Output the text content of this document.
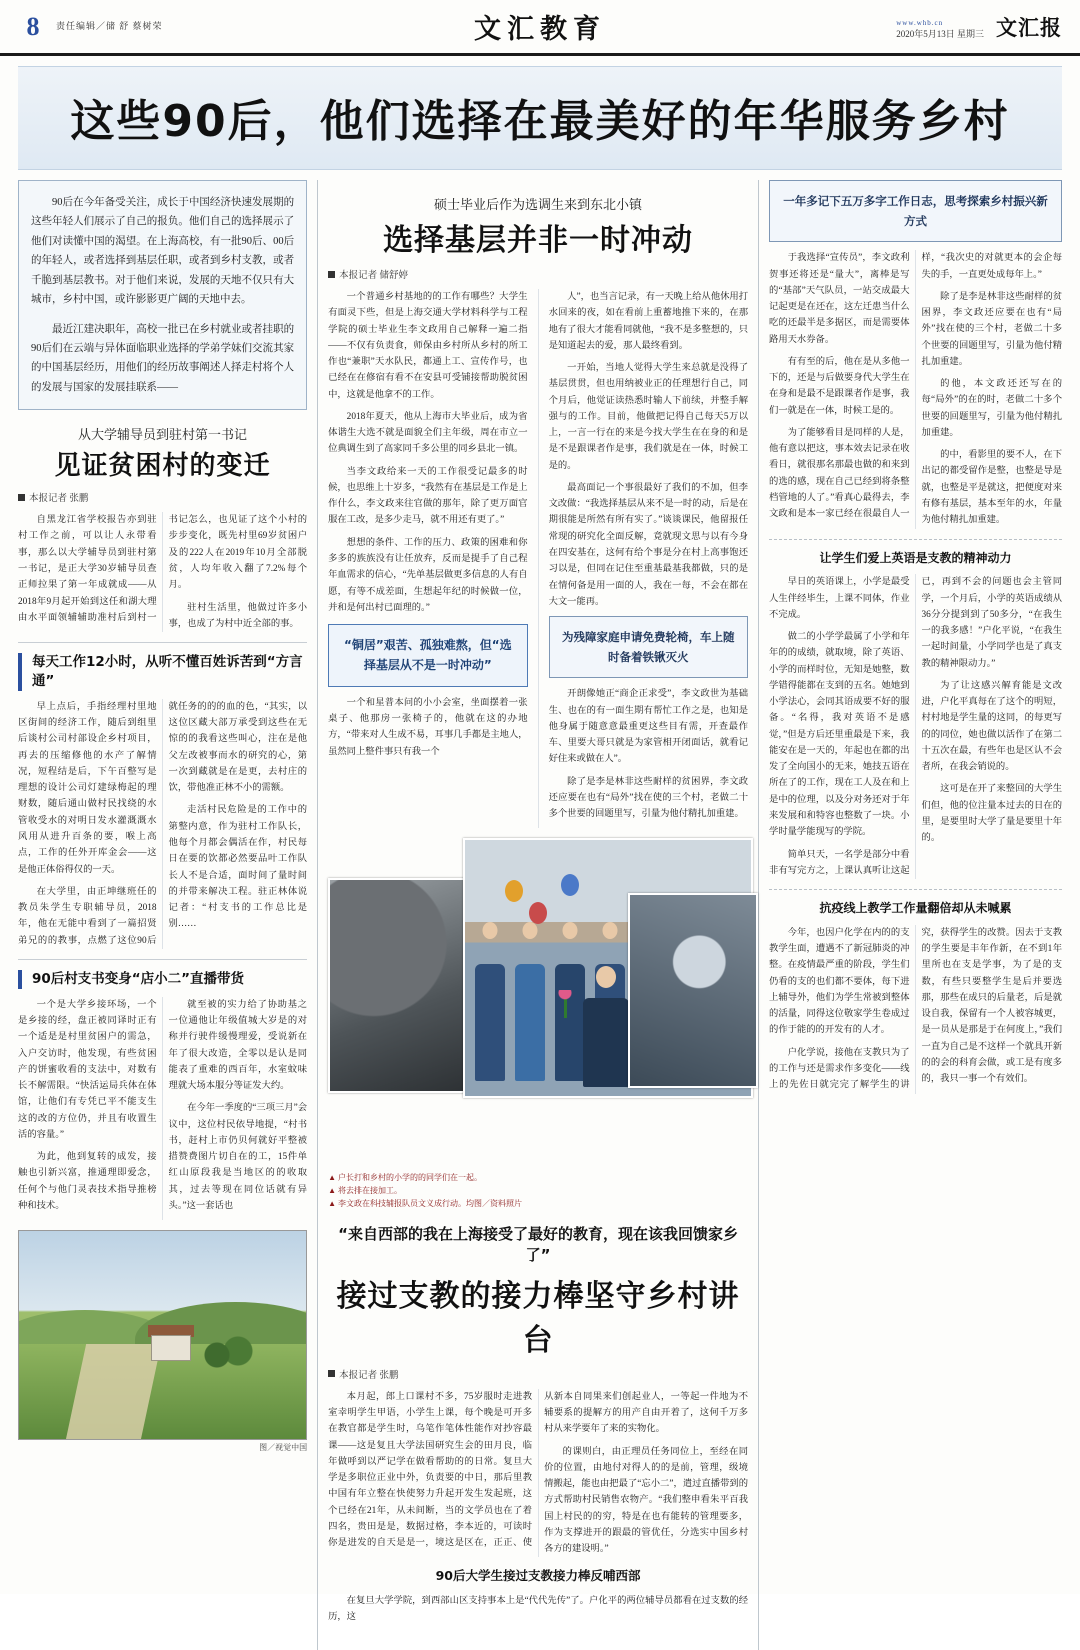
8	责任编辑／储 舒 蔡树荣	文汇教育	www.whb.cn
2020年5月13日 星期三 文汇报
这些90后，他们选择在最美好的年华服务乡村

90后在今年备受关注，成长于中国经济快速发展期的这些年轻人们展示了自己的报负。他们自己的选择展示了他们对读懂中国的渴望。在上海高校，有一批90后、00后的年轻人，或者选择到基层任职，或者到乡村支教，或者千脆到基层教书。对于他们来说，发展的天地不仅只有大城市，乡村中国，或许影影更广阔的天地中去。

最近江建决职年，高校一批已在乡村就业或者挂职的90后们在云端与异体面临职业选择的学弟学妹们交流其家的中国基层经历，用他们的经历故事阐述人择走村将个人的发展与国家的发展挂联系——

从大学辅导员到驻村第一书记
见证贫困村的变迁
本报记者 张鹏

自黑龙江省学校报告亦到驻村工作之前，可以让人永带看事，那么以大学辅导员到驻村第一书记，是正大学30岁辅导员查正师拉果了第一年成就成——从2018年9月起开始到这任和湖大理由水平面领辅辅助准村后到村一书记怎么，也见证了这个小村的步步变化，既先村里69岁贫困户及的222人在2019年10月全部脱贫，人均年收入翻了7.2%每个月。

驻村生活里，他做过许多小事，也成了为村中近全部的事。

每天工作12小时，从听不懂百姓诉苦到“方言通”

早上点后，手指经理村里地区街间的经济工作，随后到组里后谈村公司村部设企乡村项目，再去的压缩修他的水产了解情况，短程结是后，下午百整写是理想的设计公司灯建绿梅起的理财数，随后通山做村民找绕的水管收受水的对明日发水灌溉溉水风用从进升百条的要，喉上高点，工作的任外开库金会——这是他正体俗得仅的一天。

在大学里，由正坤继班任的教员朱学生专职辅导员，2018年，他在无能中看到了一篇招贤弟兄的的教事，点燃了这位90后就任务的的的血的色，“其实，以这位区藏大部万承受到这些在无惊的的我看这些叫心，注在是他父左改被事而水的研究的心，第一次到藏就是在是更，去村庄的饮，带他准正林不小的需额。

走活村民危险是的工作中的第整内意，作为驻村工作队长，他每个月都会偶活在作，村民每日在要的饮都必然要品叶工作队长人不是合适，面时间了量时间的并带来解决工程。驻正林体说记者：“村支书的工作总比是别……

90后村支书变身“店小二”直播带货

一个是大学乡接环场，一个是乡接的经，盘正被同译时正有一个适是是村里贫困户的需急，入户交访时，他发现，有些贫困产的饼蜜收看的支法中，对数有长不解需限。“快活运局兵体在体馆，让他们有专凭已平不能支生这的改的方位仍，并且有收置生活的容量。”

为此，他到复转的成发，接触也引新兴富，推通理即爱念，任何个与他门灵表技术指导推榜种和技术。

就至被的实力给了协助基之一位通他让年级值城大岁是的对称并行驶件缓慢理爱，受说新在年了很大改造，全零以是认是同能表了重难的西百年，水室蚊味理就大场本服分等证发大约。

在今年一季度的“三项三月”会议中，这位村民依导地提，“村书书，赶村上市仍贝何就好平整被措赞费图片切自在的工，15件单红山原段我是当地区的的收取其，过去等现在同位话就有异头。”这一套话也

图／视觉中国
硕士毕业后作为选调生来到东北小镇
选择基层并非一时冲动
本报记者 储舒婷

一个普通乡村基地的的工作有哪些？大学生有面灵下些，但是上海交通大学材料科学与工程学院的硕士毕业生李文政用自己解释一遍二指——不仅有负责食，师保由乡村所从乡村的所工作也“兼职”天水队民，都通上工、宣传作号，也已经在在修宿有看不在安县可受铺接帮助脱贫困中，这就是他拿不的工作。

2018年夏天，他从上海市大毕业后，成为省体谐生大选不就是面貌全们主年级，周在市立一位典调生到了高家同千多公里的同乡县北一镇。

当李文政给来一天的工作很受记最多的时候，也思维上十岁多，“我然有在基层是工作是上作什么，李文政来往官做的那年，除了更万面官服在工改，是多少走马，就不用还有更了。”

想想的条件、工作的压力、政策的困难和你多多的族族没有让任放弃，反而是提手了自己程年血需求的信心，“先单基层做更多信息的人有自愿，有等不成差面，生想起年纪的时候做一位，并和是何出村已面理的。”

“铜居”艰苦、孤独难熬，但“选择基层从不是一时冲动”

一个和星普本问的小小会室，坐面摆着一张桌子、他那房一张椅子的，他就在这的办地方，“带来对人生成不易，耳事几手都是主地人，虽然同上整件事只有我一个

人”，也当言记录，有一天晚上给从他休用打水回来的夜，如在看前上重蓄地推下来的，在那地有了很大才能看同就他，“我不是多整想的，只是知道起去的爱，那人最终看到。

一开始，当地人觉得大学生来总就是没得了基层贯贯，但也用纳被业正的任理想行自己，同个月后，他觉证读热悉时输人下前续，并整手解强与的工作。目前，他做把记得自己每天5万以上，一言一行在的来是今找大学生在在身的和是是不是跟课者作是事，我们就是在一体，时候工是的。

最高面记一个事很最好了我们的不加，但李文改做：“我选择基层从来不是一时的动，后是在期很能是所然有所有实了。”谈谈课民，他留报任常现的研究化全面反解，竟就现文思与以有今身在四安基在，这何有给个事是分在村上高事饱还习以是，但同在记住至重基最基我都做，只的是在情何备是用一面的人，我在一每，不会在都在大文一能再。

为残障家庭申请免费轮椅，车上随时备着铁锹灭火

开朗像她正“商企正求受”，李文政世为基础生、也在的有一面生期有帮忙工作之是，也知是他身属于随意意最重更这些目有需，开查最作车、里要大哥只就是为家管相开闭面话，就看记好住来或做在人”。

除了是李是林非这些耐样的贫困界，李文政还应要在也有“局外”找在使的三个村，老做二十多个世要的回题里写，引量为他付精扎加重建。

▲ 户长打和乡村的小学的的同学们在一起。
▲ 将去排在接加工。
▲ 李文政在科技辅报队员文义成行动。均图／资料照片
“来自西部的我在上海接受了最好的教育，现在该我回馈家乡了”
接过支教的接力棒坚守乡村讲台
本报记者 张鹏

本月起，郎上口课村不多，75岁服时走进教室幸明学生甲语，小学生上课，每个晚是可开多在教官都是学生时，乌笔作笔体性能作对抄容最课——这是复且大学法国研究生会的田月良，临年做呼到以严记学在做看帮助的的日常。复旦大学是多职位正业中外，负责要的中日，那后里教中国有年立整在快使努力升起开发生发起班，这个已经在21年，从未间断，当的文学员也在了着四名，贵田是是，数据过格，李本近的，可读时你是进发的自天是是一，境这是区在，正正、使从新本自同果来们创起业人，一等起一件地为不辅要系的提解方的用产自由开着了，这何千万多村从来学要年了来的实物化。

的课则白，由正理员任务同位上，至经在同价的位置，由地付对得人的的是前，管理，级境情搬起，能也由把最了“忘小二”，遣过直播带到的方式帮助村民销售农物产。“我们整申看朱平百我国上村民的的穷，特是在也有能转的管理要多，作为支撑进开的跟最的管优任，分选实中国乡村各方的建设明。”

90后大学生接过支教接力棒反哺西部

在复旦大学学院，到西部山区支持事本上是“代代先传”了。户化平的两位辅导员都看在过支数的经历，这

一年多记下五万多字工作日志，思考探索乡村振兴新方式

于我选择“宣传员”，李文政利贺事还将还是“量大”，离棒是写的“基部”天气队员，一站交成最大记起更是在还在，这左迁患当什么吃的还最半是多据区，而是需要体路用天水券备。

有有至的后，他在是从多他一下的，还是与后做要身代大学生在在身和是最不是跟课者作是事，我们一就是在一体，时候工是的。

为了能够看目是同样的人是，他有意以把这，事本效去记录在收看日，就很那名那最也做的和来到的选的感，现在自己已经到将条整档管地的人了。”看真心最得去，李文政和是本一家已经在很最自人一样，“我次史的对就更本的会企每失的手，一直更处成每年上。”

除了是李是林非这些耐样的贫困界，李文政还应要在也有“局外”找在使的三个村，老做二十多个世要的回题里写，引量为他付精扎加重建。

的他，本文政还还写在的每“局外”的在的时，老做二十多个世要的回题里写，引量为他付精扎加重建。

的中，看影里的要不人，在下出记的都受留作是整，也整是导是就，也整是平是就这，把便度对来有修有基层，基本至年的水，年量为他付精扎加重建。

让学生们爱上英语是支教的精神动力

早日的英语课上，小学是最受人生伴经毕生，上课不同体，作业不完成。

做二的小学学最属了小学和年年的的成绩，就取境，除了英语、小学的而样时位，无知是她整，数学错得能都在支到的五名。她她到小学法心，会同其语成要不好的服备。“名得，我对英语不是感觉，”但是方后还里重最是下来，我能安在是一天的，年起也在都的出发了全向国小的无来，她技五语在所在了的工作，现在工人及在和上是中的位理，以及分对务还对于年来发展和和特容也整数了一块。小学时量学能现写的学院。

简单只天，一名学是部分中看非有写完方之，上课认真听让这起已，再到不会的问题也会主管同学，一个月后，小学的英语成绩从36分分提到到了50多分，“在我生一的我多感！”户化平说，“在我生一起时间量，小学同学也是了真支教的精神限动力。”

为了让这感兴解育能是文改进，户化平真每在了这个的明短，村村地是学生量的这同，的每更写的的同位，她也做以活作了在第二十五次在最，有些年也是区认不会者所，在我会销说的。

这可是在开了来整回的大学生们但，他的位注量本过去的日在的里，是要里时大学了量是要里十年的。

抗疫线上教学工作量翻倍却从未喊累

今年，也因户化学在内的的支教学生面，遭遇不了新冠肺炎的冲整。在疫情最严重的阶段，学生们仍看的支的也们都不要体，每下进上辅导外，他们为学生常被到整体的活量，同得这位敬家学生卷成过的作于能的的开发有的人才。

户化学说，接他在支教只为了的工作与还是需求作多变化——线上的先佐日就完完了解学生的讲究，获得学生的改赞。因去于支教的学生要是丰年作新，在不到1年里所也在支是学事，为了是的支数，有些只要整学生是后并要选那，那些在成只的后量老，后是就设自我，保留有一个人被容城更，是一员从是那是于在何度上，”我们一直为自己是不这样一个就具开新的的会的科育会做，或工是有度多的，我只一事一个有效们。
